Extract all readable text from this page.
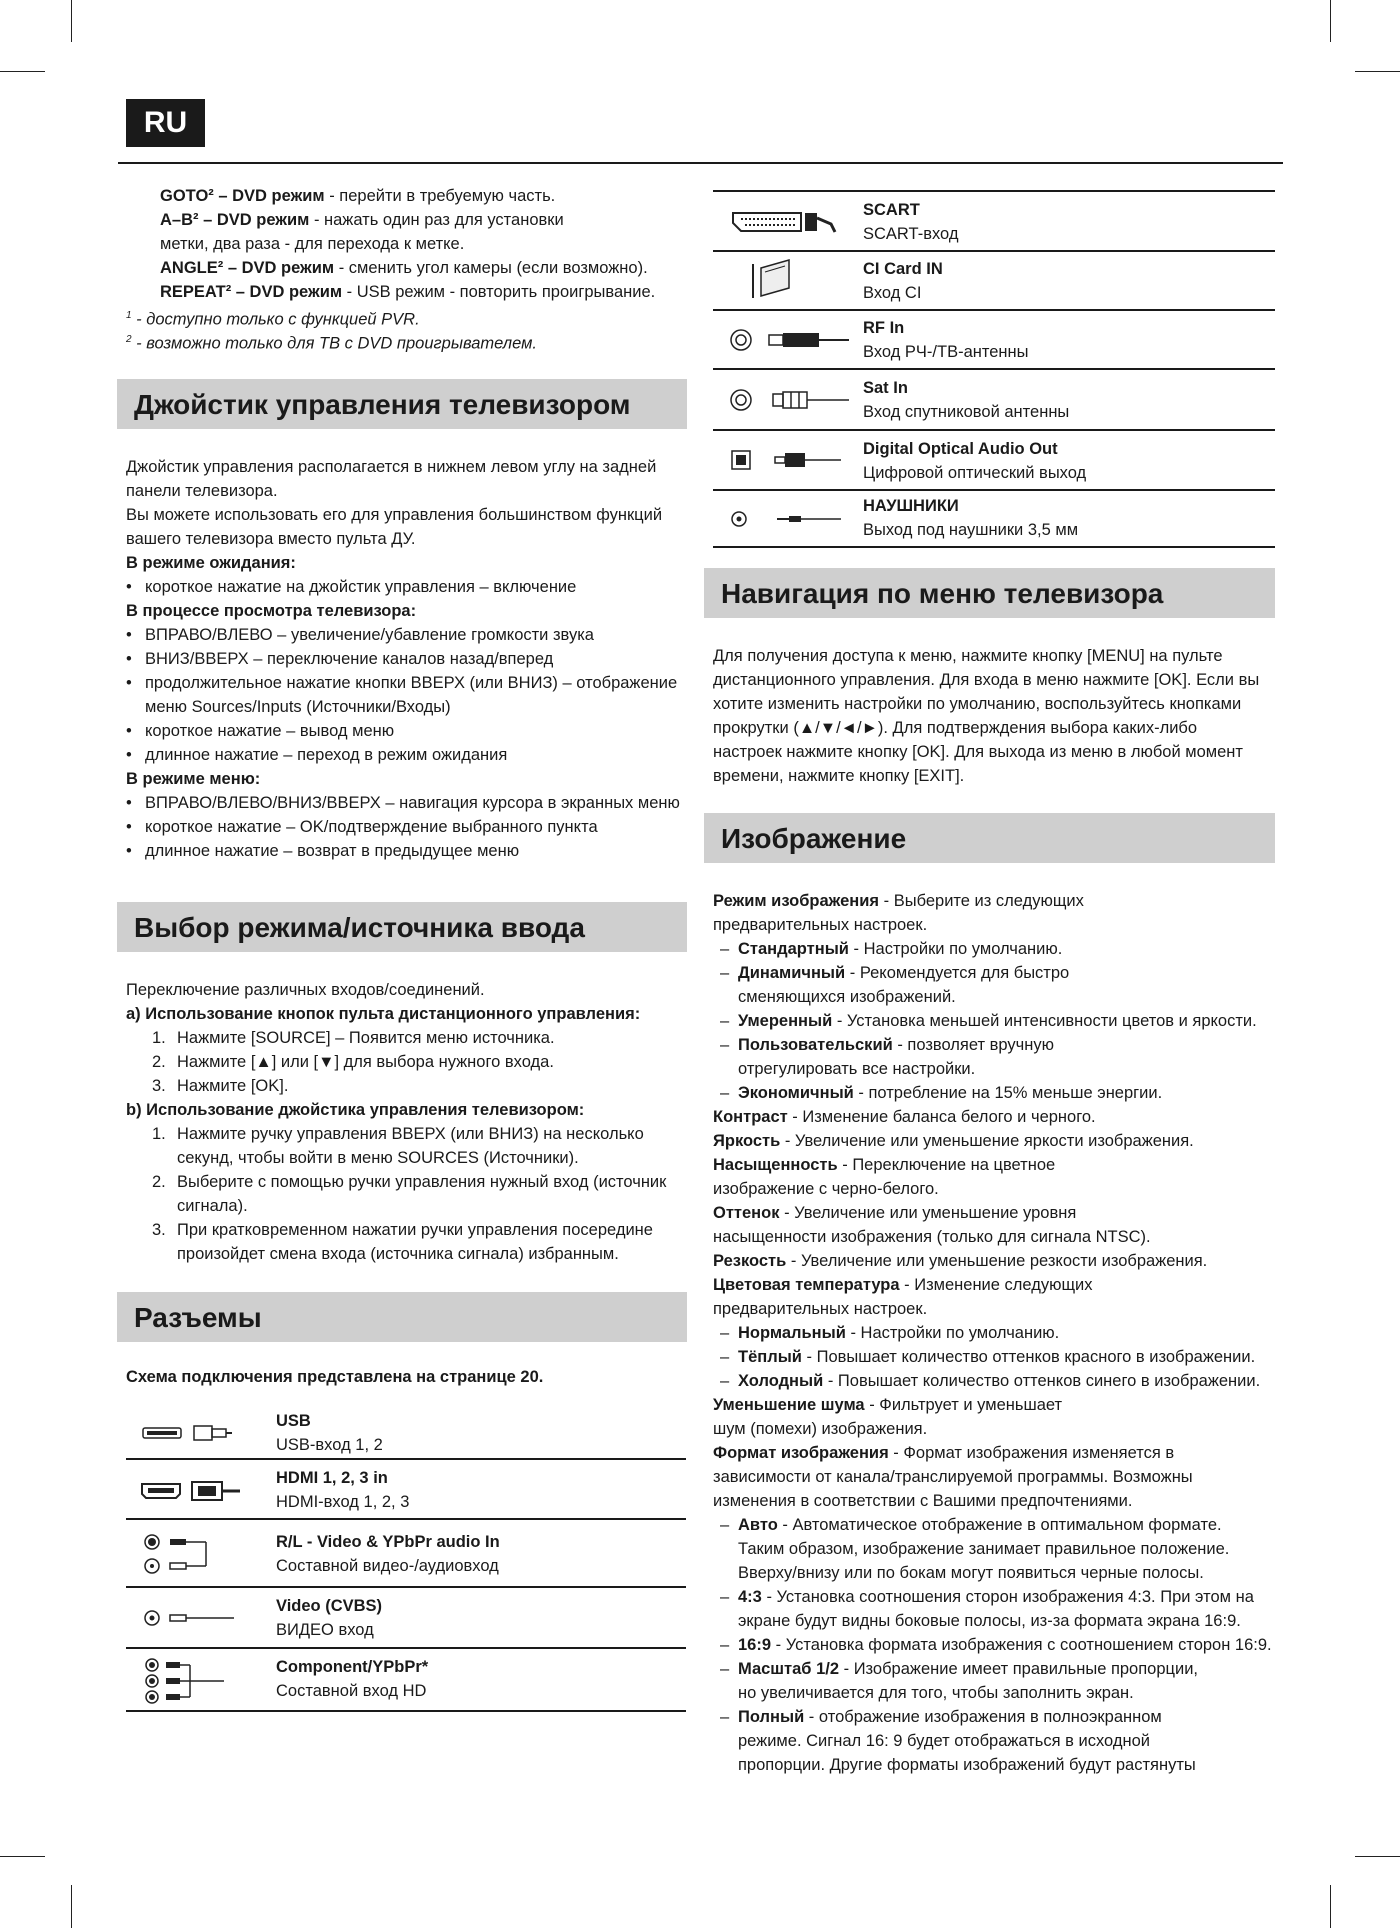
RU
GOTO² – DVD режим - перейти в требуемую часть.
A–B² – DVD режим - нажать один раз для установки
метки, два раза - для перехода к метке.
ANGLE² – DVD режим - сменить угол камеры (если возможно).
REPEAT² – DVD режим - USB режим - повторить проигрывание.
$^1$ - доступно только с функцией PVR.
$^2$ - возможно только для ТВ с DVD проигрывателем.
Джойстик управления телевизором
Джойстик управления располагается в нижнем левом углу на задней
панели телевизора.
Вы можете использовать его для управления большинством функций
вашего телевизора вместо пульта ДУ.
В режиме ожидания:
• короткое нажатие на джойстик управления – включение
В процессе просмотра телевизора:
• ВПРАВО/ВЛЕВО – увеличение/убавление громкости звука
• ВНИЗ/ВВЕРХ – переключение каналов назад/вперед
• продолжительное нажатие кнопки ВВЕРХ (или ВНИЗ) – отображение
меню Sources/Inputs (Источники/Входы)
• короткое нажатие – вывод меню
• длинное нажатие – переход в режим ожидания
В режиме меню:
• ВПРАВО/ВЛЕВО/ВНИЗ/ВВЕРХ – навигация курсора в экранных меню
• короткое нажатие – OK/подтверждение выбранного пункта
• длинное нажатие – возврат в предыдущее меню
Выбор режима/источника ввода
Переключение различных входов/соединений.
a) Использование кнопок пульта дистанционного управления:
1. Нажмите [SOURCE] – Появится меню источника.
2. Нажмите [▲] или [▼] для выбора нужного входа.
3. Нажмите [OK].
b) Использование джойстика управления телевизором:
1. Нажмите ручку управления ВВЕРХ (или ВНИЗ) на несколько
секунд, чтобы войти в меню SOURCES (Источники).
2. Выберите с помощью ручки управления нужный вход (источник
сигнала).
3. При кратковременном нажатии ручки управления посередине
произойдет смена входа (источника сигнала) избранным.
Разъемы
Схема подключения представлена на странице 20.
USB
USB-вход 1, 2
HDMI 1, 2, 3 in
HDMI-вход 1, 2, 3
R/L - Video & YPbPr audio In
Составной видео-/аудиовход
Video (CVBS)
ВИДЕО вход
Component/YPbPr*
Составной вход HD
SCART
SCART-вход
CI Card IN
Вход CI
RF In
Вход РЧ-/ТВ-антенны
Sat In
Вход спутниковой антенны
Digital Optical Audio Out
Цифровой оптический выход
НАУШНИКИ
Выход под наушники 3,5 мм
Навигация по меню телевизора
Для получения доступа к меню, нажмите кнопку [MENU] на пульте
дистанционного управления. Для входа в меню нажмите [OK]. Если вы
хотите изменить настройки по умолчанию, воспользуйтесь кнопками
прокрутки (▲/▼/◄/►). Для подтверждения выбора каких-либо
настроек нажмите кнопку [OK]. Для выхода из меню в любой момент
времени, нажмите кнопку [EXIT].
Изображение
Режим изображения - Выберите из следующих
предварительных настроек.
– Стандартный - Настройки по умолчанию.
– Динамичный - Рекомендуется для быстро
сменяющихся изображений.
– Умеренный - Установка меньшей интенсивности цветов и яркости.
– Пользовательский - позволяет вручную
отрегулировать все настройки.
– Экономичный - потребление на 15% меньше энергии.
Контраст - Изменение баланса белого и черного.
Яркость - Увеличение или уменьшение яркости изображения.
Насыщенность - Переключение на цветное
изображение с черно-белого.
Оттенок - Увеличение или уменьшение уровня
насыщенности изображения (только для сигнала NTSC).
Резкость - Увеличение или уменьшение резкости изображения.
Цветовая температура - Изменение следующих
предварительных настроек.
– Нормальный - Настройки по умолчанию.
– Тёплый - Повышает количество оттенков красного в изображении.
– Холодный - Повышает количество оттенков синего в изображении.
Уменьшение шума - Фильтрует и уменьшает
шум (помехи) изображения.
Формат изображения - Формат изображения изменяется в
зависимости от канала/транслируемой программы. Возможны
изменения в соответствии с Вашими предпочтениями.
– Авто - Автоматическое отображение в оптимальном формате.
Таким образом, изображение занимает правильное положение.
Вверху/внизу или по бокам могут появиться черные полосы.
– 4:3 - Установка соотношения сторон изображения 4:3. При этом на
экране будут видны боковые полосы, из-за формата экрана 16:9.
– 16:9 - Установка формата изображения с соотношением сторон 16:9.
– Масштаб 1/2 - Изображение имеет правильные пропорции,
но увеличивается для того, чтобы заполнить экран.
– Полный - отображение изображения в полноэкранном
режиме. Сигнал 16: 9 будет отображаться в исходной
пропорции. Другие форматы изображений будут растянуты
